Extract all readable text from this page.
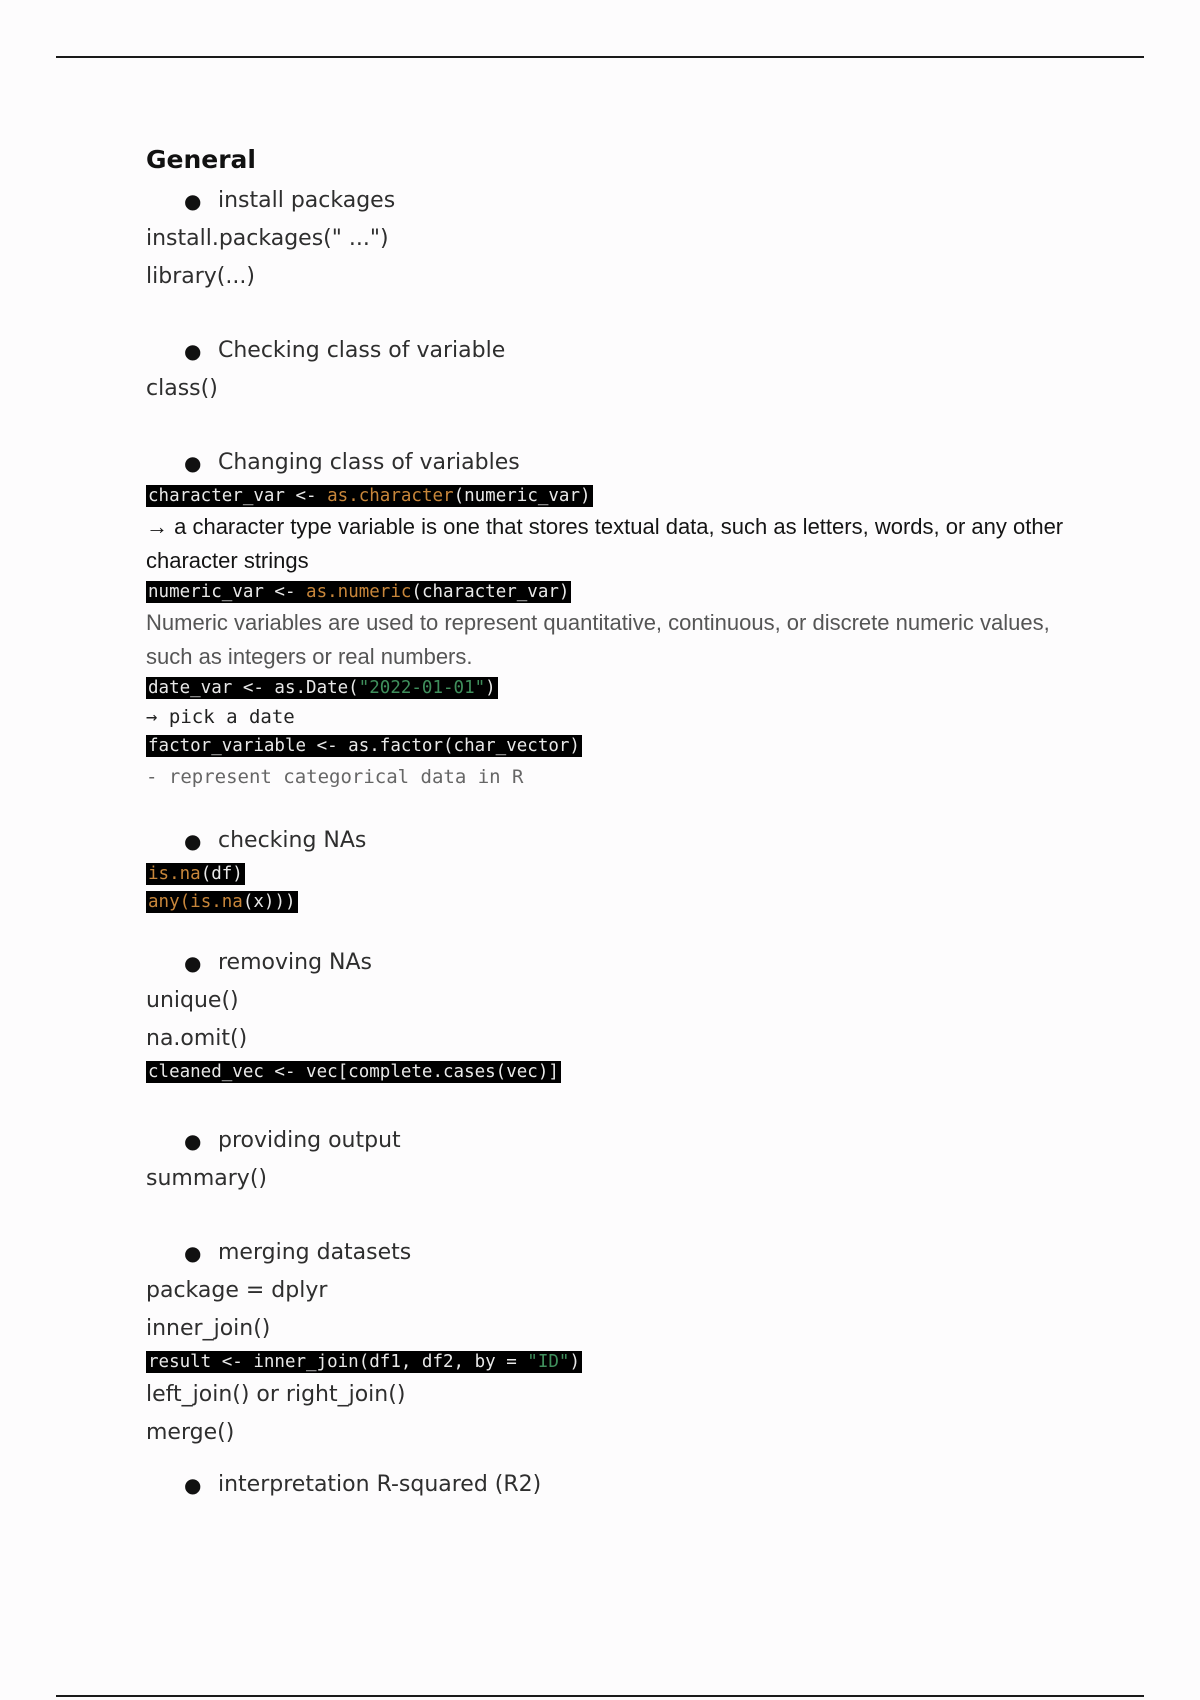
General
● install packages
install.packages(" ...")
library(...)
● Checking class of variable
class()
● Changing class of variables
character_var <- as.character(numeric_var)
→ a character type variable is one that stores textual data, such as letters, words, or any other character strings
numeric_var <- as.numeric(character_var)
Numeric variables are used to represent quantitative, continuous, or discrete numeric values, such as integers or real numbers.
date_var <- as.Date("2022-01-01")
→ pick a date
factor_variable <- as.factor(char_vector)
- represent categorical data in R
● checking NAs
is.na(df)
any(is.na(x)))
● removing NAs
unique()
na.omit()
cleaned_vec <- vec[complete.cases(vec)]
● providing output
summary()
● merging datasets
package = dplyr
inner_join()
result <- inner_join(df1, df2, by = "ID")
left_join() or right_join()
merge()
● interpretation R-squared (R2)
